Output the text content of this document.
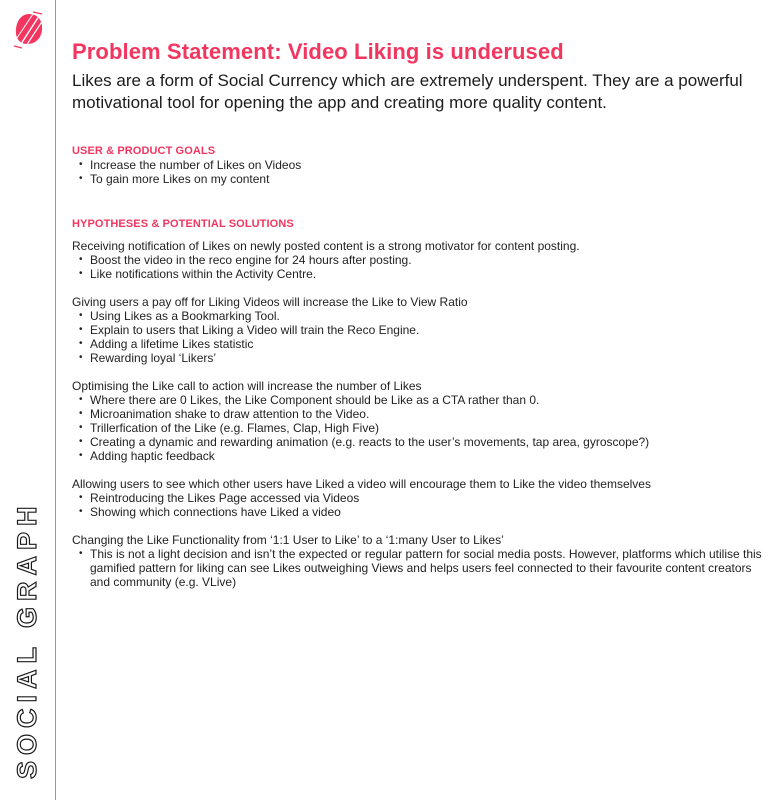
SOCIAL GRAPH
Problem Statement: Video Liking is underused

Likes are a form of Social Currency which are extremely underspent. They are a powerful motivational tool for opening the app and creating more quality content.

USER & PRODUCT GOALS
• Increase the number of Likes on Videos
• To gain more Likes on my content
HYPOTHESES & POTENTIAL SOLUTIONS

Receiving notification of Likes on newly posted content is a strong motivator for content posting.

• Boost the video in the reco engine for 24 hours after posting.
• Like notifications within the Activity Centre.

Giving users a pay off for Liking Videos will increase the Like to View Ratio

• Using Likes as a Bookmarking Tool.
• Explain to users that Liking a Video will train the Reco Engine.
• Adding a lifetime Likes statistic
• Rewarding loyal ‘Likers’

Optimising the Like call to action will increase the number of Likes

• Where there are 0 Likes, the Like Component should be Like as a CTA rather than 0.
• Microanimation shake to draw attention to the Video.
• Trillerfication of the Like (e.g. Flames, Clap, High Five)
• Creating a dynamic and rewarding animation (e.g. reacts to the user’s movements, tap area, gyroscope?)
• Adding haptic feedback

Allowing users to see which other users have Liked a video will encourage them to Like the video themselves

• Reintroducing the Likes Page accessed via Videos
• Showing which connections have Liked a video

Changing the Like Functionality from ‘1:1 User to Like’ to a ‘1:many User to Likes’

• This is not a light decision and isn’t the expected or regular pattern for social media posts. However, platforms which utilise this gamified pattern for liking can see Likes outweighing Views and helps users feel connected to their favourite content creators and community (e.g. VLive)
